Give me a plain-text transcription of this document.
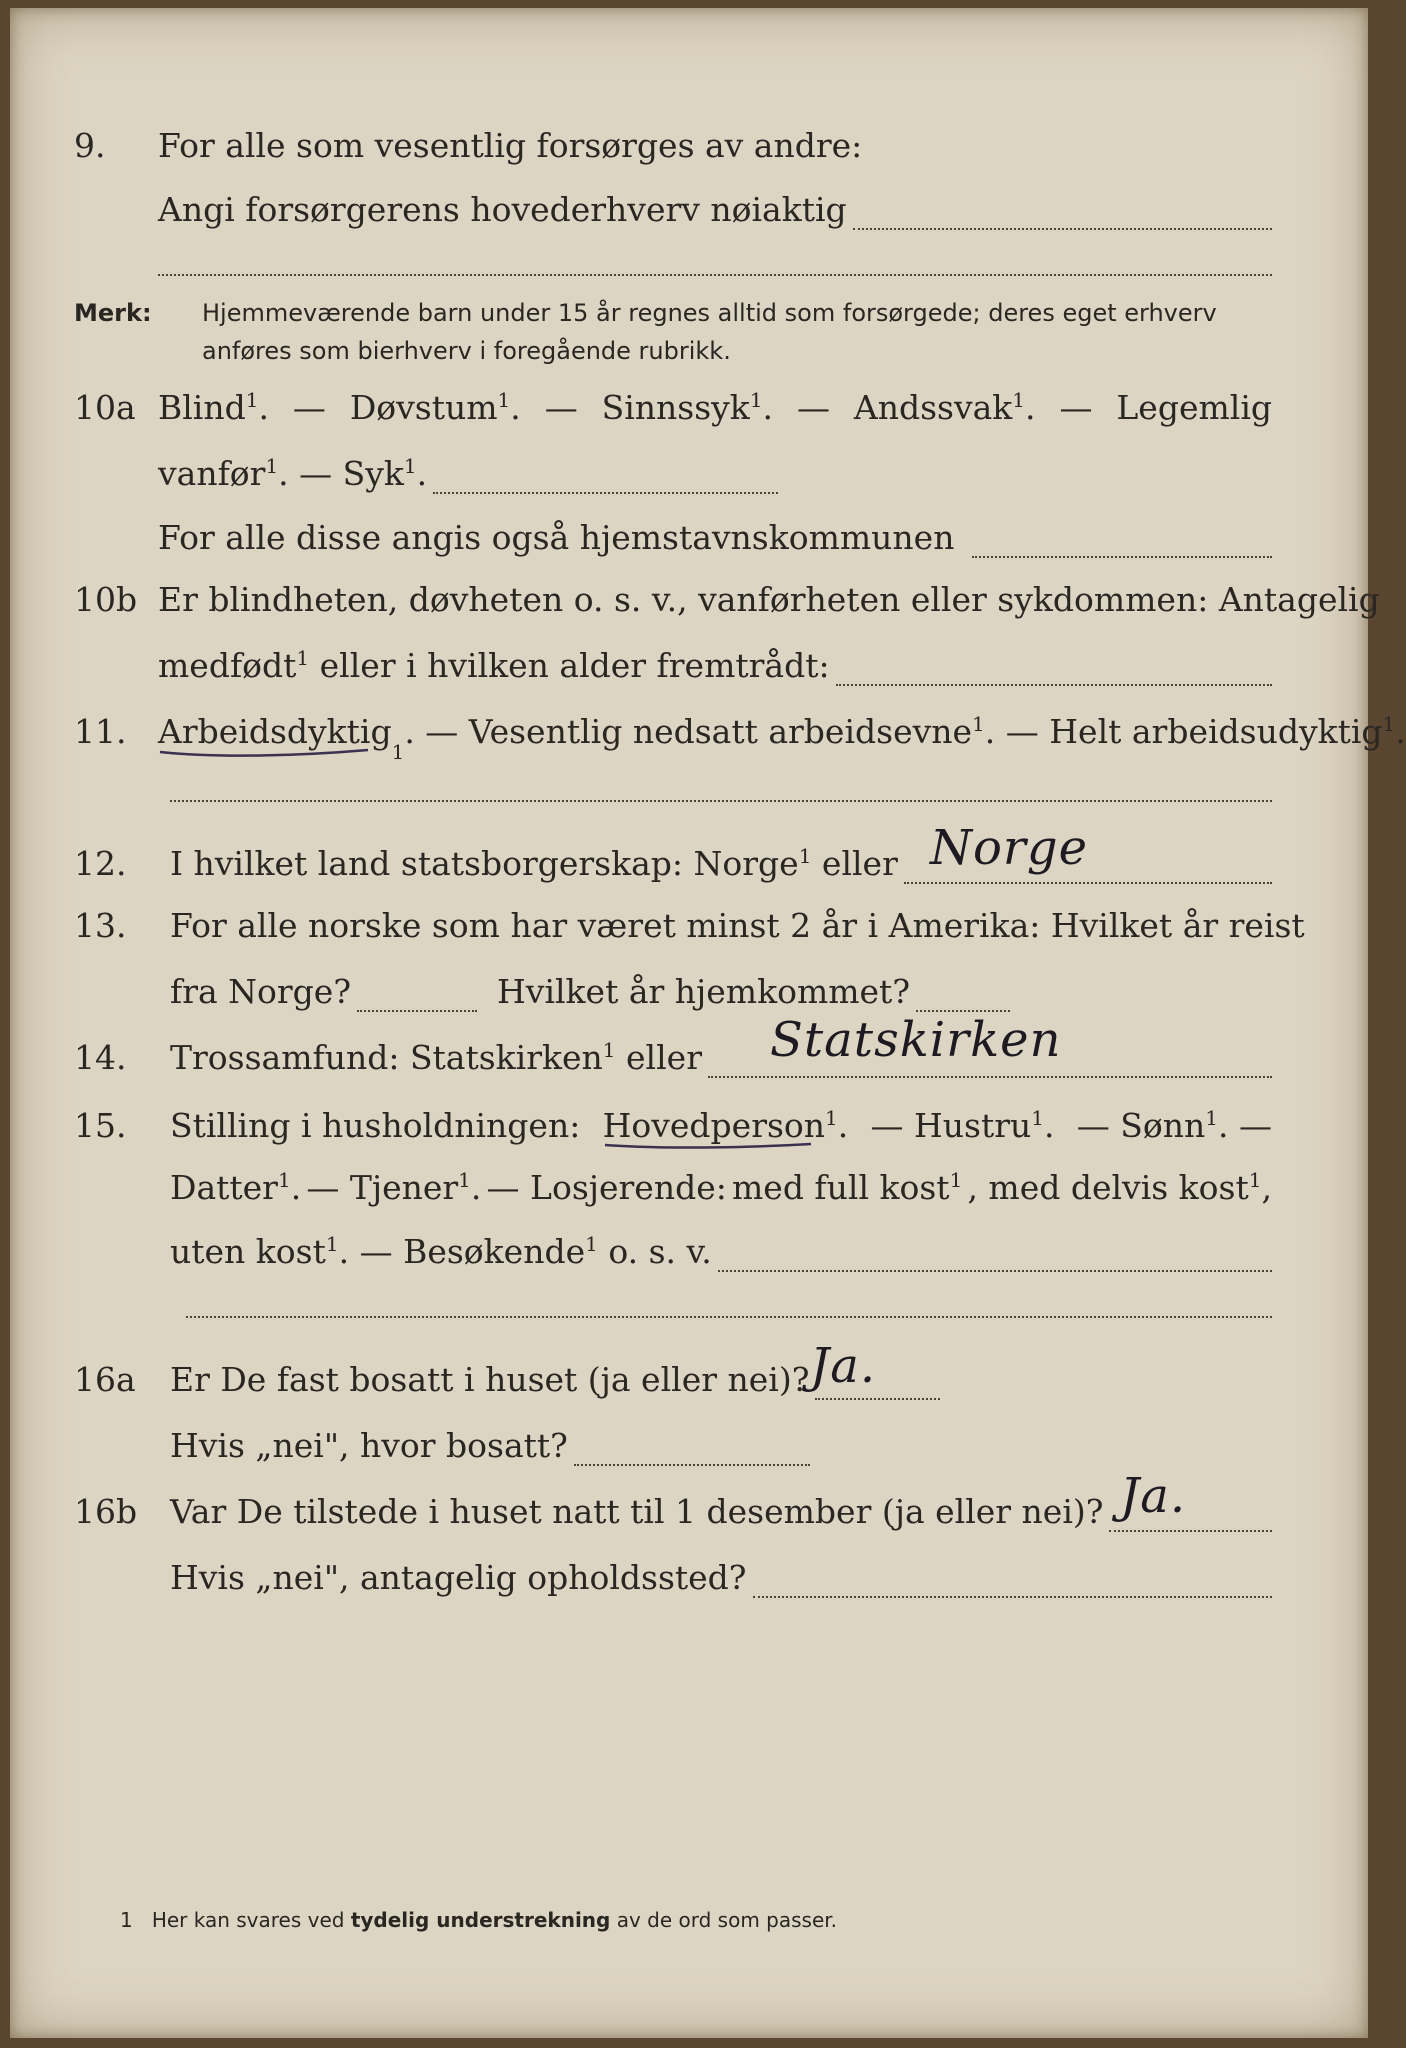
9.	For alle som vesentlig forsørges av andre:
Angi forsørgerens hovederhverv nøiaktig
Merk: Hjemmeværende barn under 15 år regnes alltid som forsørgede; deres eget erhverv anføres som bierhverv i foregående rubrikk.
10a Blind$^1$. — Døvstum$^1$. — Sinnssyk$^1$. — Andssvak$^1$. — Legemlig
vanfør$^1$. — Syk$^1$.
For alle disse angis også hjemstavnskommunen
10b Er blindheten, døvheten o. s. v., vanførheten eller sykdommen: Antagelig
medfødt$^1$ eller i hvilken alder fremtrådt:
11. Arbeidsdyktig
1
. — Vesentlig nedsatt arbeidsevne$^1$.
— Helt arbeidsudyktig$^1$.
12.	I hvilket land statsborgerskap: Norge$^1$ eller Norge
13.	For alle norske som har været minst 2 år i Amerika: Hvilket år reist
fra Norge?	Hvilket år hjemkommet?
14.	Trossamfund: Statskirken$^1$ eller Statskirken
15.	Stilling i husholdningen: Hovedperson
$^1$. — Hustru$^1$. — Sønn$^1$. —
Datter$^1$. — Tjener$^1$. — Losjerende: med full kost$^1$ , med delvis kost$^1$,
uten kost$^1$.
— Besøkende$^1$
o. s. v.
16a	Er De fast bosatt i huset (ja eller nei)? Ja.
Hvis „nei", hvor bosatt?
16b Var De tilstede i huset natt til 1 desember (ja eller nei)? Ja.
Hvis „nei", antagelig opholdssted?
1 Her kan svares ved tydelig understrekning av de ord som passer.
